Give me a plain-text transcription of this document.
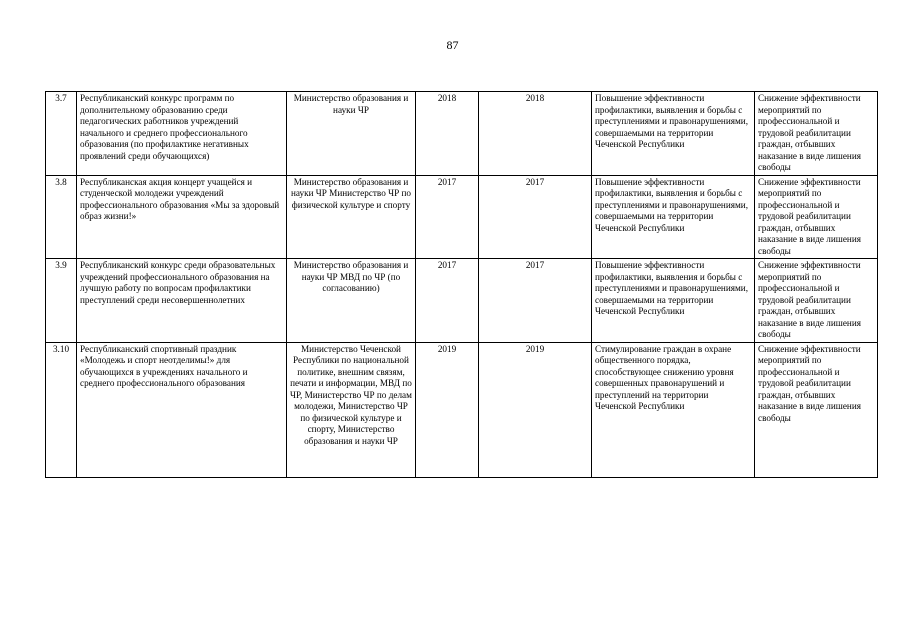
87
3.7	Республиканский конкурс программ по дополнительному образованию среди педагогических работников учреждений начального и среднего профессионального образования (по профилактике негативных проявлений среди обучающихся)	Министерство образования и науки ЧР	2018	2018	Повышение эффективности профилактики, выявления и борьбы с преступлениями и правонарушениями, совершаемыми на территории Чеченской Республики	Снижение эффективности мероприятий по профессиональной и трудовой реабилитации граждан, отбывших наказание в виде лишения свободы
3.8	Республиканская акция концерт учащейся и студенческой молодежи учреждений профессионального образования «Мы за здоровый образ жизни!»	Министерство образования и науки ЧР Министерство ЧР по физической культуре и спорту	2017	2017	Повышение эффективности профилактики, выявления и борьбы с преступлениями и правонарушениями, совершаемыми на территории Чеченской Республики	Снижение эффективности мероприятий по профессиональной и трудовой реабилитации граждан, отбывших наказание в виде лишения свободы
3.9	Республиканский конкурс среди образовательных учреждений профессионального образования на лучшую работу по вопросам профилактики преступлений среди несовершеннолетних	Министерство образования и науки ЧР МВД по ЧР (по согласованию)	2017	2017	Повышение эффективности профилактики, выявления и борьбы с преступлениями и правонарушениями, совершаемыми на территории Чеченской Республики	Снижение эффективности мероприятий по профессиональной и трудовой реабилитации граждан, отбывших наказание в виде лишения свободы
3.10	Республиканский спортивный праздник «Молодежь и спорт неотделимы!» для обучающихся в учреждениях начального и среднего профессионального образования	Министерство Чеченской Республики по национальной политике, внешним связям, печати и информации, МВД по ЧР, Министерство ЧР по делам молодежи, Министерство ЧР по физической культуре и спорту, Министерство образования и науки ЧР	2019	2019	Стимулирование граждан в охране общественного порядка, способствующее снижению уровня совершенных правонарушений и преступлений на территории Чеченской Республики	Снижение эффективности мероприятий по профессиональной и трудовой реабилитации граждан, отбывших наказание в виде лишения свободы
